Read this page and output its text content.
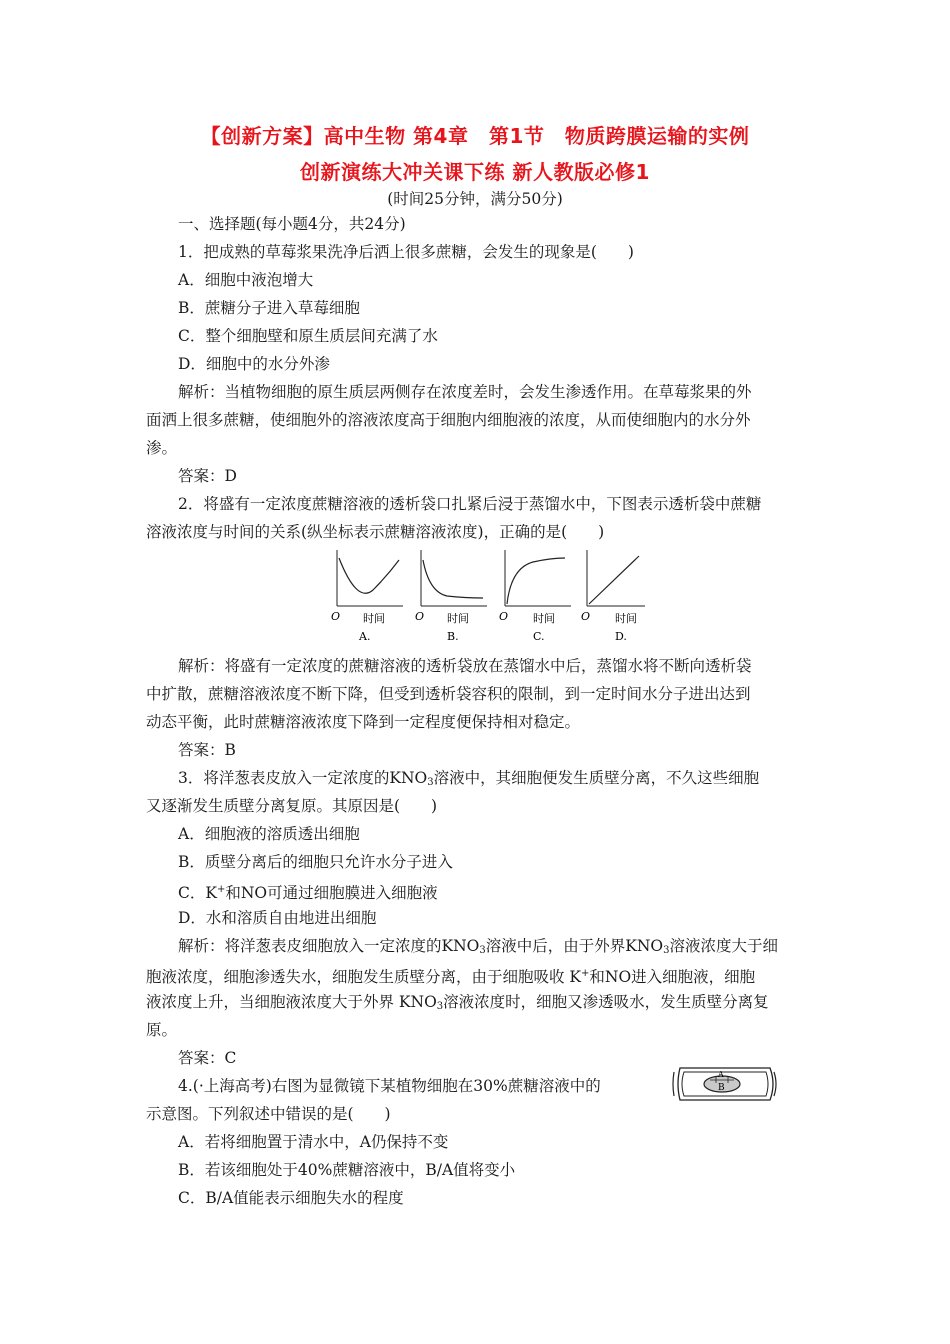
【创新方案】高中生物 第4章　第1节　物质跨膜运输的实例
创新演练大冲关课下练 新人教版必修1
(时间25分钟，满分50分)
一、选择题(每小题4分，共24分)
1．把成熟的草莓浆果洗净后洒上很多蔗糖，会发生的现象是(　　)
A．细胞中液泡增大
B．蔗糖分子进入草莓细胞
C．整个细胞壁和原生质层间充满了水
D．细胞中的水分外渗
解析：当植物细胞的原生质层两侧存在浓度差时，会发生渗透作用。在草莓浆果的外
面洒上很多蔗糖，使细胞外的溶液浓度高于细胞内细胞液的浓度，从而使细胞内的水分外
渗。
答案：D
2．将盛有一定浓度蔗糖溶液的透析袋口扎紧后浸于蒸馏水中，下图表示透析袋中蔗糖
溶液浓度与时间的关系(纵坐标表示蔗糖溶液浓度)，正确的是(　　)
O 时间
A.
O 时间
B.
O 时间
C.
O 时间
D.
解析：将盛有一定浓度的蔗糖溶液的透析袋放在蒸馏水中后，蒸馏水将不断向透析袋
中扩散，蔗糖溶液浓度不断下降，但受到透析袋容积的限制，到一定时间水分子进出达到
动态平衡，此时蔗糖溶液浓度下降到一定程度便保持相对稳定。
答案：B
3．将洋葱表皮放入一定浓度的$KNO_3$溶液中，其细胞便发生质壁分离，不久这些细胞
又逐渐发生质壁分离复原。其原因是(　　)
A．细胞液的溶质透出细胞
B．质壁分离后的细胞只允许水分子进入
C．K+和NO可通过细胞膜进入细胞液
D．水和溶质自由地进出细胞
解析：将洋葱表皮细胞放入一定浓度的$KNO_3$溶液中后，由于外界$KNO_3$溶液浓度大于细
胞液浓度，细胞渗透失水，细胞发生质壁分离，由于细胞吸收 K+和NO进入细胞液，细胞
液浓度上升，当细胞液浓度大于外界 $KNO_3$溶液浓度时，细胞又渗透吸水，发生质壁分离复
原。
答案：C
4.(·上海高考)右图为显微镜下某植物细胞在30%蔗糖溶液中的
示意图。下列叙述中错误的是(　　)
A
B
A．若将细胞置于清水中，A仍保持不变
B．若该细胞处于40%蔗糖溶液中，B/A值将变小
C．B/A值能表示细胞失水的程度
